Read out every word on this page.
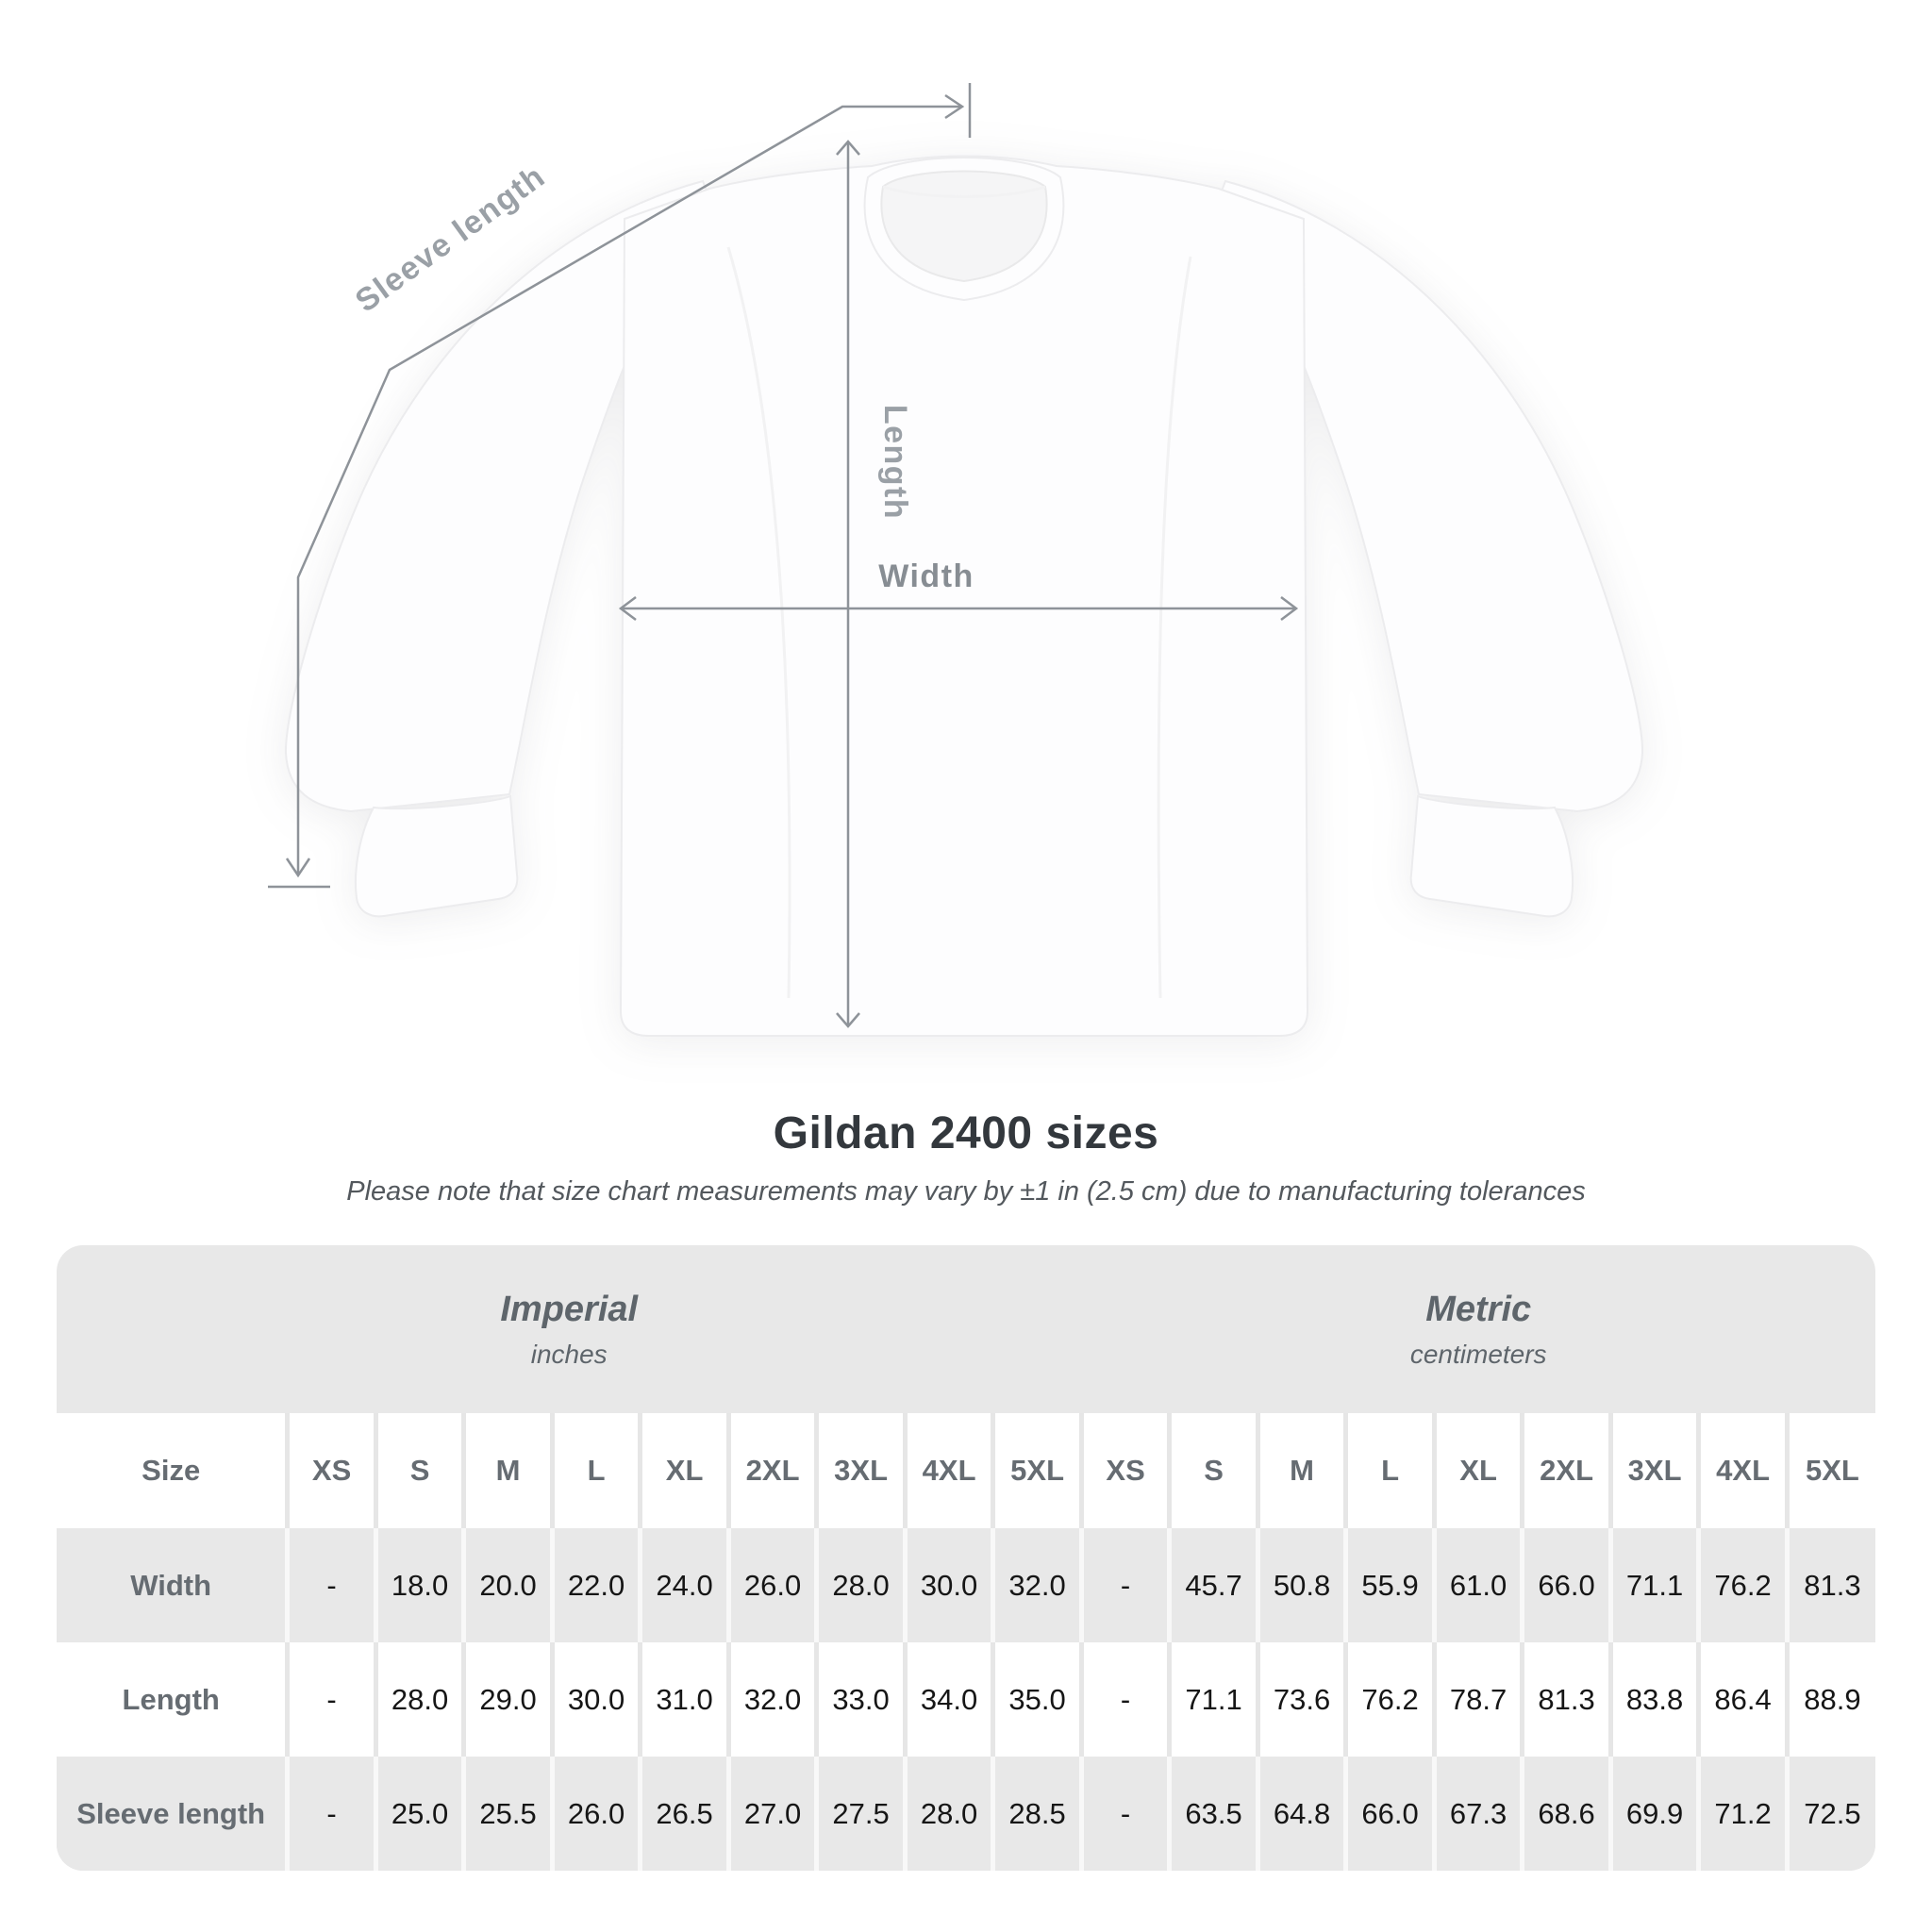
Sleeve length
Length
Width
Gildan 2400 sizes

Please note that size chart measurements may vary by ±1 in (2.5 cm) due to manufacturing tolerances

Imperial
inches
Metric
centimeters
Size	XS	S	M	L	XL	2XL	3XL	4XL	5XL	XS	S	M	L	XL	2XL	3XL	4XL	5XL
Width	-	18.0	20.0	22.0	24.0	26.0	28.0	30.0	32.0	-	45.7	50.8	55.9	61.0	66.0	71.1	76.2	81.3
Length	-	28.0	29.0	30.0	31.0	32.0	33.0	34.0	35.0	-	71.1	73.6	76.2	78.7	81.3	83.8	86.4	88.9
Sleeve length	-	25.0	25.5	26.0	26.5	27.0	27.5	28.0	28.5	-	63.5	64.8	66.0	67.3	68.6	69.9	71.2	72.5
